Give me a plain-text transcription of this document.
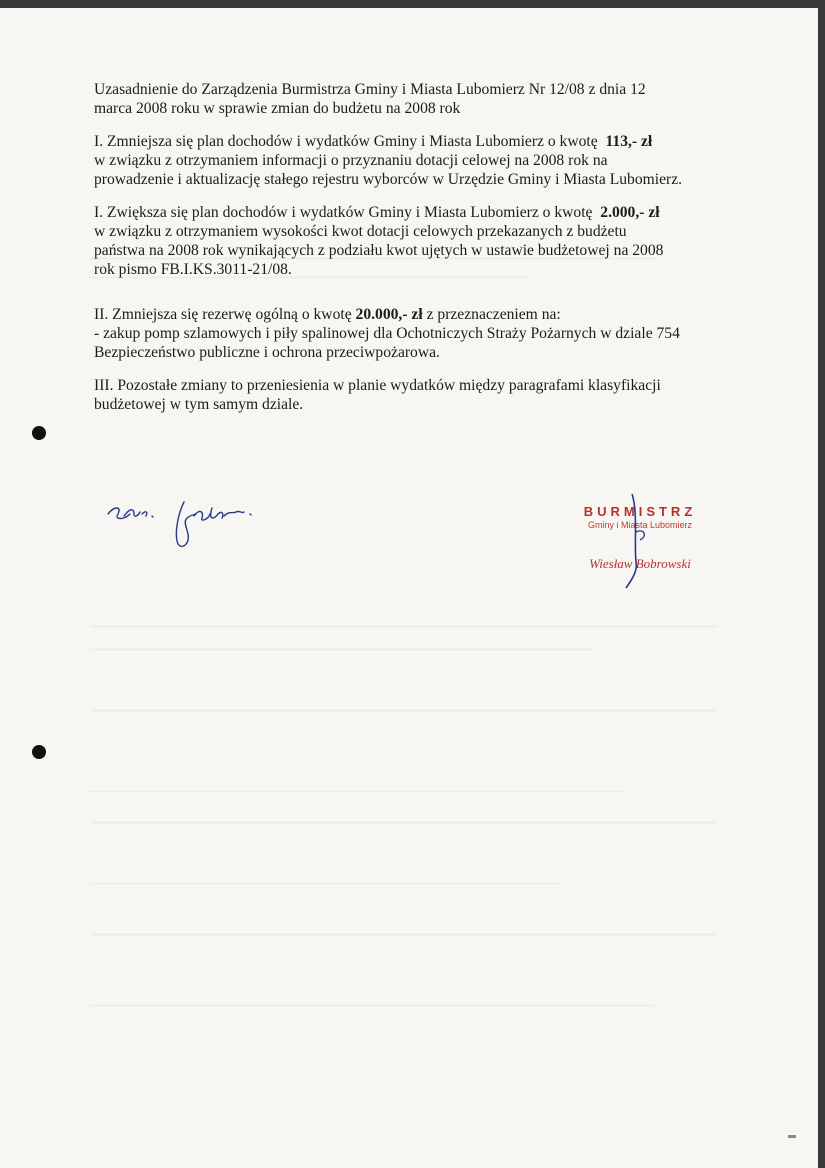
Uzasadnienie do Zarządzenia Burmistrza Gminy i Miasta Lubomierz Nr 12/08 z dnia 12
marca 2008 roku w sprawie zmian do budżetu na 2008 rok

I. Zmniejsza się plan dochodów i wydatków Gminy i Miasta Lubomierz o kwotę 113,- zł
w związku z otrzymaniem informacji o przyznaniu dotacji celowej na 2008 rok na
prowadzenie i aktualizację stałego rejestru wyborców w Urzędzie Gminy i Miasta Lubomierz.

I. Zwiększa się plan dochodów i wydatków Gminy i Miasta Lubomierz o kwotę 2.000,- zł
w związku z otrzymaniem wysokości kwot dotacji celowych przekazanych z budżetu
państwa na 2008 rok wynikających z podziału kwot ujętych w ustawie budżetowej na 2008
rok pismo FB.I.KS.3011-21/08.

II. Zmniejsza się rezerwę ogólną o kwotę 20.000,- zł z przeznaczeniem na:
- zakup pomp szlamowych i piły spalinowej dla Ochotniczych Straży Pożarnych w dziale 754
Bezpieczeństwo publiczne i ochrona przeciwpożarowa.

III. Pozostałe zmiany to przeniesienia w planie wydatków między paragrafami klasyfikacji
budżetowej w tym samym dziale.

BURMISTRZ
Gminy i Miasta Lubomierz
Wiesław Bobrowski
